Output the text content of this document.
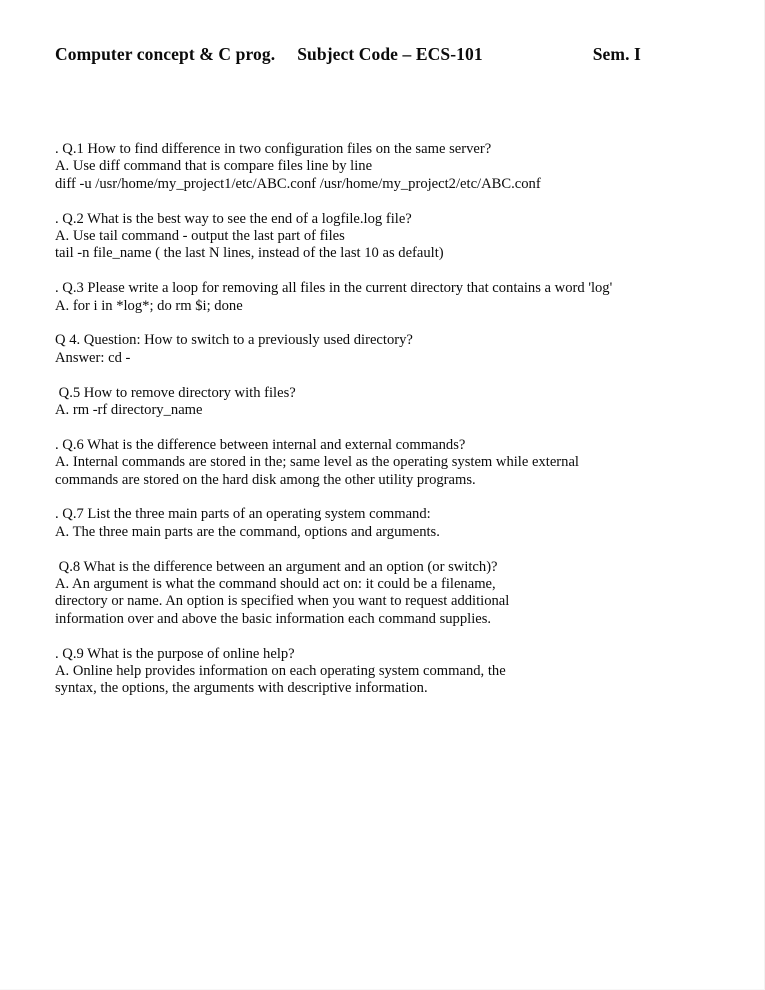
Computer concept & C prog. Subject Code – ECS-101	Sem. I

. Q.1 How to find difference in two configuration files on the same server?

A. Use diff command that is compare files line by line

diff -u /usr/home/my_project1/etc/ABC.conf /usr/home/my_project2/etc/ABC.conf

. Q.2 What is the best way to see the end of a logfile.log file?

A. Use tail command - output the last part of files

tail -n file_name ( the last N lines, instead of the last 10 as default)

. Q.3 Please write a loop for removing all files in the current directory that contains a word 'log'

A. for i in *log*; do rm $i; done

Q 4. Question: How to switch to a previously used directory?

Answer: cd -

Q.5 How to remove directory with files?

A. rm -rf directory_name

. Q.6 What is the difference between internal and external commands?

A. Internal commands are stored in the; same level as the operating system while external

commands are stored on the hard disk among the other utility programs.

. Q.7 List the three main parts of an operating system command:

A. The three main parts are the command, options and arguments.

Q.8 What is the difference between an argument and an option (or switch)?

A. An argument is what the command should act on: it could be a filename,

directory or name. An option is specified when you want to request additional

information over and above the basic information each command supplies.

. Q.9 What is the purpose of online help?

A. Online help provides information on each operating system command, the

syntax, the options, the arguments with descriptive information.
